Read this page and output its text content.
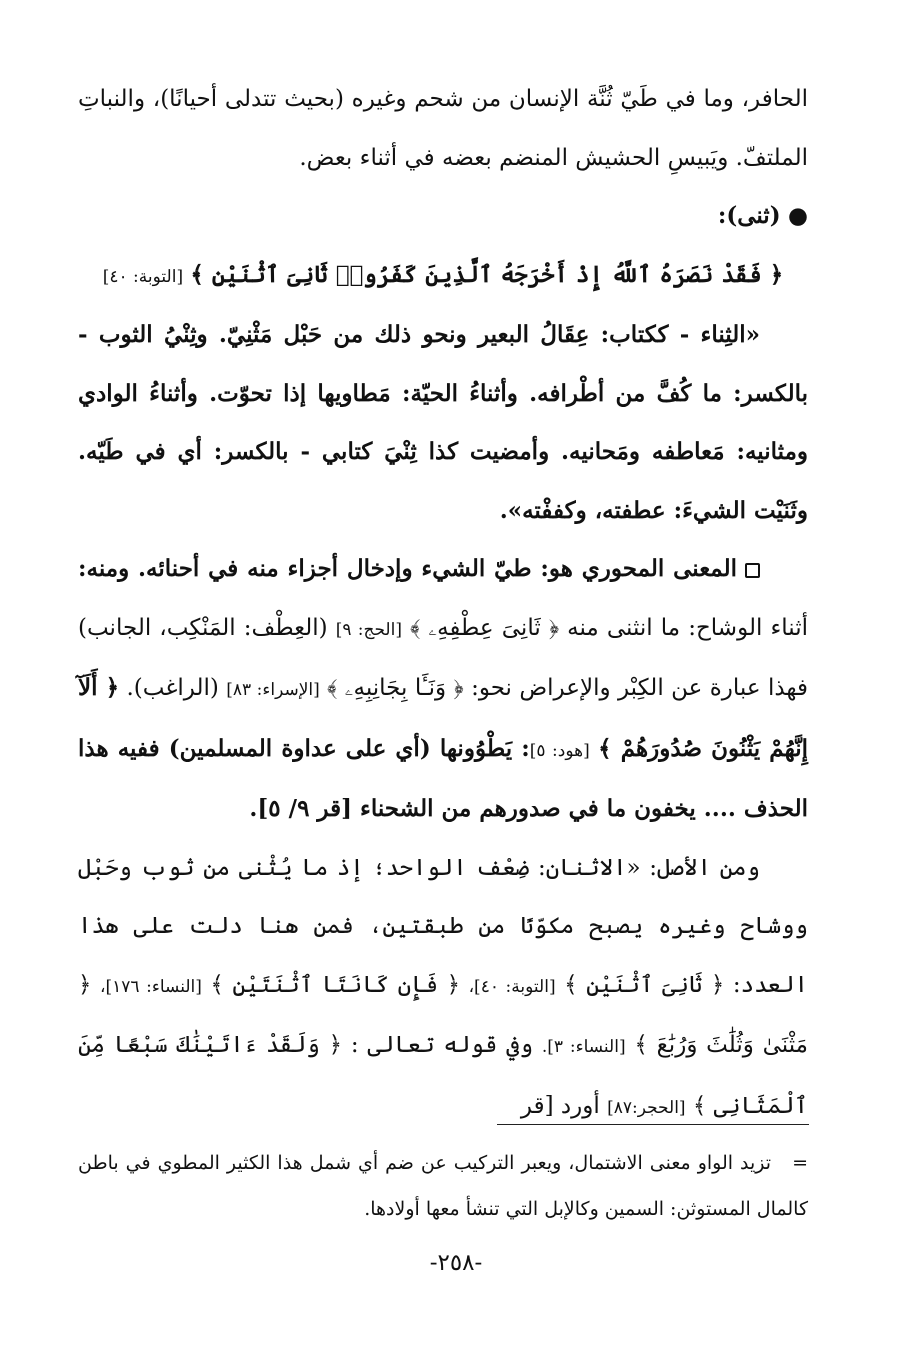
الحافر، وما في طَيّ ثُنَّة الإنسان من شحم وغيره (بحيث تتدلى أحيانًا)، والنباتِ الملتفّ. ويَبيسِ الحشيش المنضم بعضه في أثناء بعض.

● (ثنى):

﴿ فَقَدْ نَصَرَهُ ٱللَّهُ إِذْ أَخْرَجَهُ ٱلَّذِينَ كَفَرُوا۟ ثَانِىَ ٱثْنَيْنِ ﴾ [التوبة: ٤٠]

«الثِناء - ككتاب: عِقَالُ البعير ونحو ذلك من حَبْل مَثْنِيّ. وثِنْيُ الثوب - بالكسر: ما كُفَّ من أطْرافه. وأثناءُ الحيّة: مَطاويها إذا تحوّت. وأثناءُ الوادي ومثانيه: مَعاطفه ومَحانيه. وأمضيت كذا ثِنْيَ كتابي - بالكسر: أي في طَيّه. وثَنَيْت الشيءَ: عطفته، وكففْته».

المعنى المحوري هو: طيّ الشيء وإدخال أجزاء منه في أحنائه. ومنه: أثناء الوشاح: ما انثنى منه ﴿ ثَانِىَ عِطْفِهِۦ ﴾ [الحج: ٩] (العِطْف: المَنْكِب، الجانب) فهذا عبارة عن الكِبْر والإعراض نحو: ﴿ وَنَـَٔا بِجَانِبِهِۦ ﴾ [الإسراء: ٨٣] (الراغب). ﴿ أَلَآ إِنَّهُمْ يَثْنُونَ صُدُورَهُمْ ﴾ [هود: ٥]: يَطْوُونها (أي على عداوة المسلمين) ففيه هذا الحذف .... يخفون ما في صدورهم من الشحناء [قر ٩/ ٥].

ومن الأصل: «الاثنان: ضِعْف الواحد؛ إذ ما يُثْنى من ثوب وحَبْل ووشاح وغيره يصبح مكوّنًا من طبقتين، فمن هنا دلت على هذا العدد: ﴿ ثَانِىَ ٱثْنَيْنِ ﴾ [التوبة: ٤٠]، ﴿ فَإِن كَانَتَا ٱثْنَتَيْنِ ﴾ [النساء: ١٧٦]، ﴿ مَثْنَىٰ وَثُلَٰثَ وَرُبَٰعَ ﴾ [النساء: ٣]. وفي قوله تعالى : ﴿ وَلَقَدْ ءَاتَيْنَٰكَ سَبْعًا مِّنَ ٱلْمَثَانِى ﴾ [الحجر:٨٧] أورد [قر

=   تزيد الواو معنى الاشتمال، ويعبر التركيب عن ضم أي شمل هذا الكثير المطوي في باطن كالمال المستوثن: السمين وكالإبل التي تنشأ معها أولادها.

-٢٥٨-
